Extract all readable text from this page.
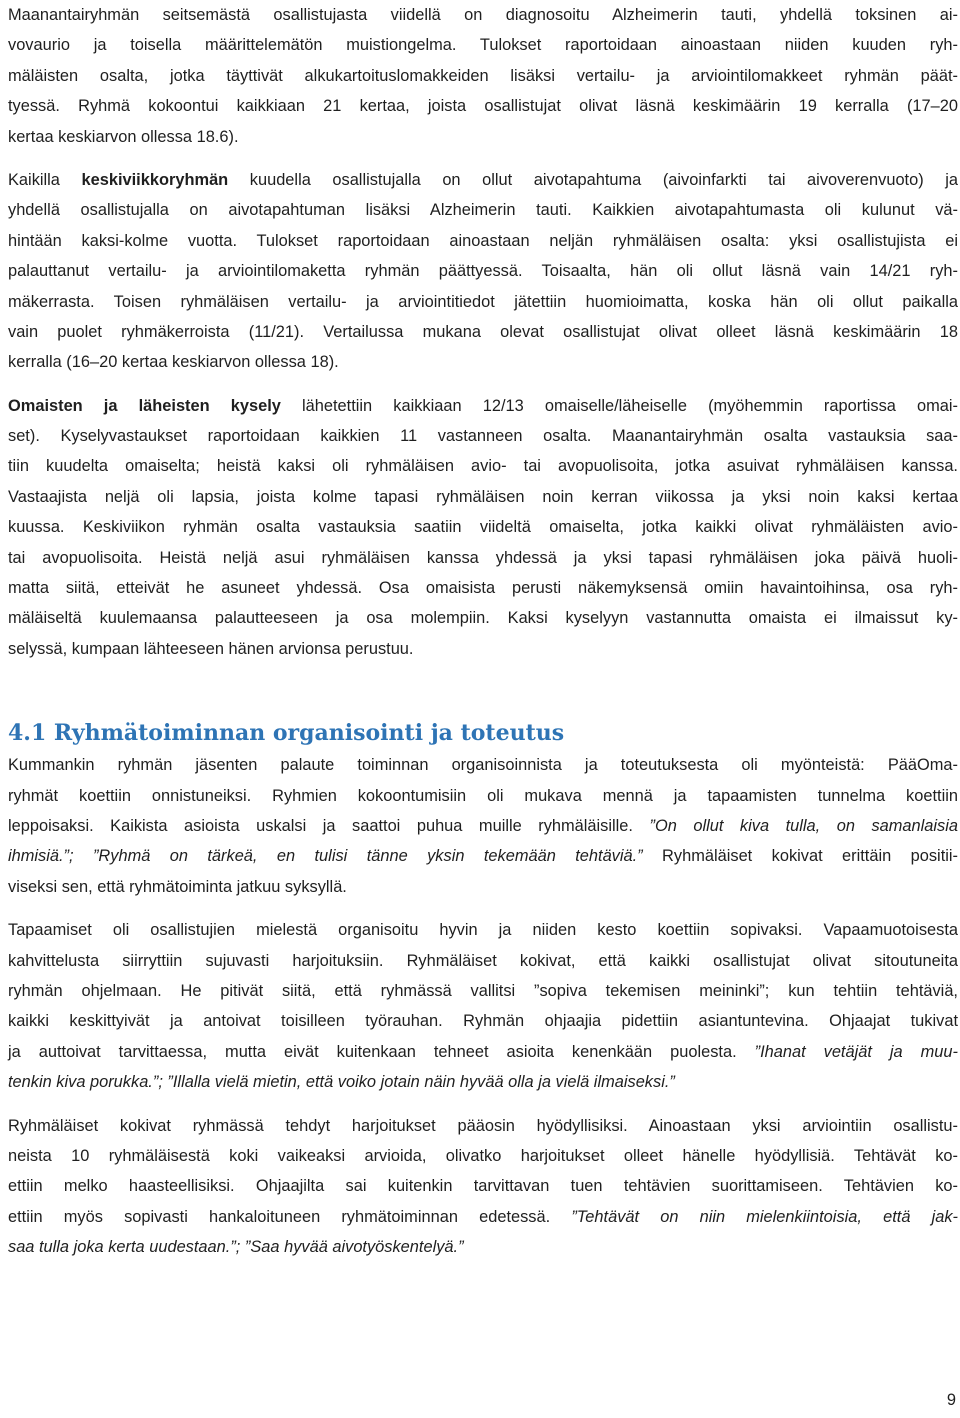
Maanantairyhmän seitsemästä osallistujasta viidellä on diagnosoitu Alzheimerin tauti, yhdellä toksinen ai-
vovaurio ja toisella määrittelemätön muistiongelma. Tulokset raportoidaan ainoastaan niiden kuuden ryh-
mäläisten osalta, jotka täyttivät alkukartoituslomakkeiden lisäksi vertailu- ja arviointilomakkeet ryhmän päät-
tyessä. Ryhmä kokoontui kaikkiaan 21 kertaa, joista osallistujat olivat läsnä keskimäärin 19 kerralla (17–20
kertaa keskiarvon ollessa 18.6).
Kaikilla keskiviikkoryhmän kuudella osallistujalla on ollut aivotapahtuma (aivoinfarkti tai aivoverenvuoto) ja
yhdellä osallistujalla on aivotapahtuman lisäksi Alzheimerin tauti. Kaikkien aivotapahtumasta oli kulunut vä-
hintään kaksi-kolme vuotta. Tulokset raportoidaan ainoastaan neljän ryhmäläisen osalta: yksi osallistujista ei
palauttanut vertailu- ja arviointilomaketta ryhmän päättyessä. Toisaalta, hän oli ollut läsnä vain 14/21 ryh-
mäkerrasta. Toisen ryhmäläisen vertailu- ja arviointitiedot jätettiin huomioimatta, koska hän oli ollut paikalla
vain puolet ryhmäkerroista (11/21). Vertailussa mukana olevat osallistujat olivat olleet läsnä keskimäärin 18
kerralla (16–20 kertaa keskiarvon ollessa 18).
Omaisten ja läheisten kysely lähetettiin kaikkiaan 12/13 omaiselle/läheiselle (myöhemmin raportissa omai-
set). Kyselyvastaukset raportoidaan kaikkien 11 vastanneen osalta. Maanantairyhmän osalta vastauksia saa-
tiin kuudelta omaiselta; heistä kaksi oli ryhmäläisen avio- tai avopuolisoita, jotka asuivat ryhmäläisen kanssa.
Vastaajista neljä oli lapsia, joista kolme tapasi ryhmäläisen noin kerran viikossa ja yksi noin kaksi kertaa
kuussa. Keskiviikon ryhmän osalta vastauksia saatiin viideltä omaiselta, jotka kaikki olivat ryhmäläisten avio-
tai avopuolisoita. Heistä neljä asui ryhmäläisen kanssa yhdessä ja yksi tapasi ryhmäläisen joka päivä huoli-
matta siitä, etteivät he asuneet yhdessä. Osa omaisista perusti näkemyksensä omiin havaintoihinsa, osa ryh-
mäläiseltä kuulemaansa palautteeseen ja osa molempiin. Kaksi kyselyyn vastannutta omaista ei ilmaissut ky-
selyssä, kumpaan lähteeseen hänen arvionsa perustuu.
4.1 Ryhmätoiminnan organisointi ja toteutus
Kummankin ryhmän jäsenten palaute toiminnan organisoinnista ja toteutuksesta oli myönteistä: PääOma-
ryhmät koettiin onnistuneiksi. Ryhmien kokoontumisiin oli mukava mennä ja tapaamisten tunnelma koettiin
leppoisaksi. Kaikista asioista uskalsi ja saattoi puhua muille ryhmäläisille. ”On ollut kiva tulla, on samanlaisia
ihmisiä.”; ”Ryhmä on tärkeä, en tulisi tänne yksin tekemään tehtäviä.” Ryhmäläiset kokivat erittäin positii-
viseksi sen, että ryhmätoiminta jatkuu syksyllä.
Tapaamiset oli osallistujien mielestä organisoitu hyvin ja niiden kesto koettiin sopivaksi. Vapaamuotoisesta
kahvittelusta siirryttiin sujuvasti harjoituksiin. Ryhmäläiset kokivat, että kaikki osallistujat olivat sitoutuneita
ryhmän ohjelmaan. He pitivät siitä, että ryhmässä vallitsi ”sopiva tekemisen meininki”; kun tehtiin tehtäviä,
kaikki keskittyivät ja antoivat toisilleen työrauhan. Ryhmän ohjaajia pidettiin asiantuntevina. Ohjaajat tukivat
ja auttoivat tarvittaessa, mutta eivät kuitenkaan tehneet asioita kenenkään puolesta. ”Ihanat vetäjät ja muu-
tenkin kiva porukka.”; ”Illalla vielä mietin, että voiko jotain näin hyvää olla ja vielä ilmaiseksi.”
Ryhmäläiset kokivat ryhmässä tehdyt harjoitukset pääosin hyödyllisiksi. Ainoastaan yksi arviointiin osallistu-
neista 10 ryhmäläisestä koki vaikeaksi arvioida, olivatko harjoitukset olleet hänelle hyödyllisiä. Tehtävät ko-
ettiin melko haasteellisiksi. Ohjaajilta sai kuitenkin tarvittavan tuen tehtävien suorittamiseen. Tehtävien ko-
ettiin myös sopivasti hankaloituneen ryhmätoiminnan edetessä. ”Tehtävät on niin mielenkiintoisia, että jak-
saa tulla joka kerta uudestaan.”; ”Saa hyvää aivotyöskentelyä.”
9
